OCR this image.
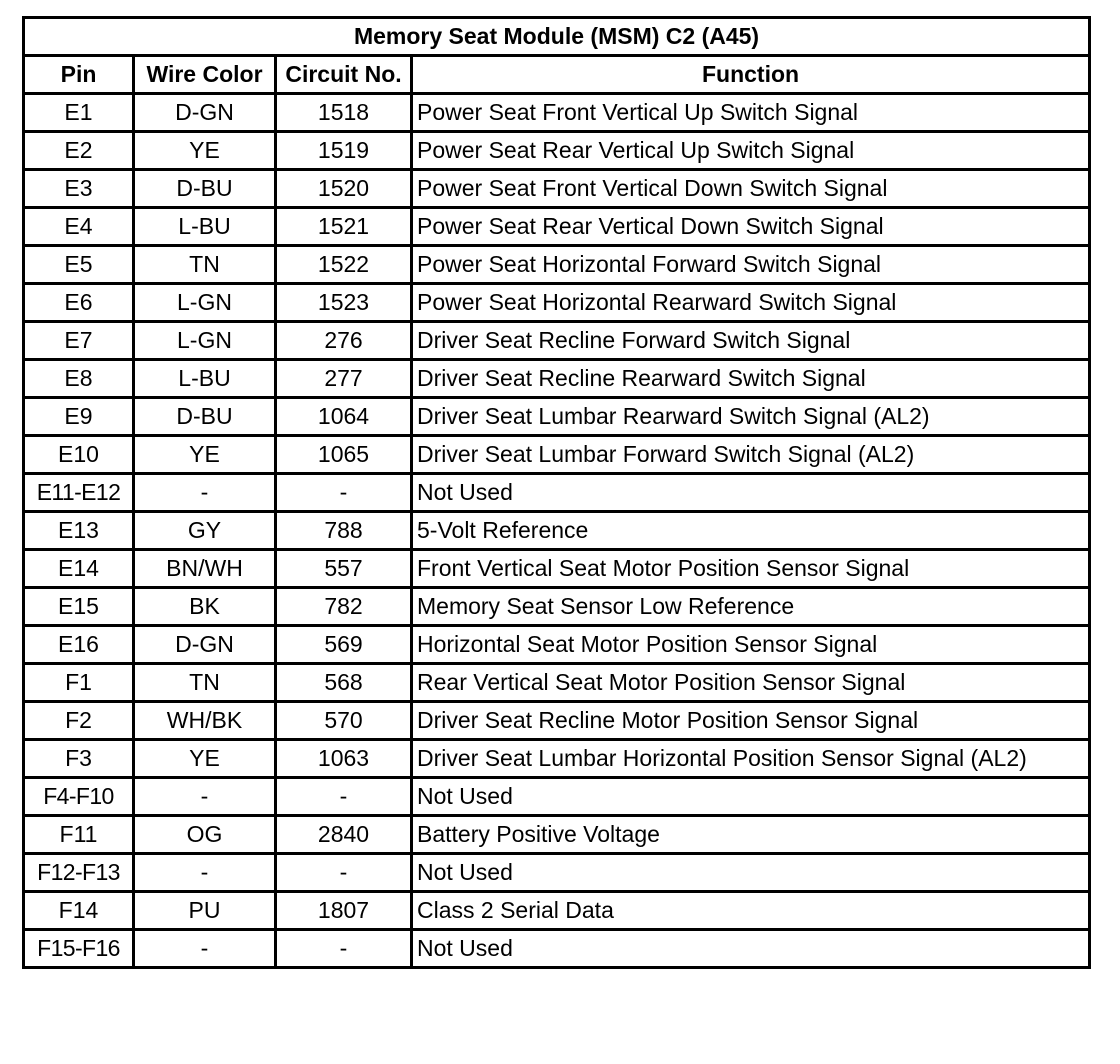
Memory Seat Module (MSM) C2 (A45)			
Pin	Wire Color	Circuit No.	Function
E1	D-GN	1518	Power Seat Front Vertical Up Switch Signal
E2	YE	1519	Power Seat Rear Vertical Up Switch Signal
E3	D-BU	1520	Power Seat Front Vertical Down Switch Signal
E4	L-BU	1521	Power Seat Rear Vertical Down Switch Signal
E5	TN	1522	Power Seat Horizontal Forward Switch Signal
E6	L-GN	1523	Power Seat Horizontal Rearward Switch Signal
E7	L-GN	276	Driver Seat Recline Forward Switch Signal
E8	L-BU	277	Driver Seat Recline Rearward Switch Signal
E9	D-BU	1064	Driver Seat Lumbar Rearward Switch Signal (AL2)
E10	YE	1065	Driver Seat Lumbar Forward Switch Signal (AL2)
E11-E12	-	-	Not Used
E13	GY	788	5-Volt Reference
E14	BN/WH	557	Front Vertical Seat Motor Position Sensor Signal
E15	BK	782	Memory Seat Sensor Low Reference
E16	D-GN	569	Horizontal Seat Motor Position Sensor Signal
F1	TN	568	Rear Vertical Seat Motor Position Sensor Signal
F2	WH/BK	570	Driver Seat Recline Motor Position Sensor Signal
F3	YE	1063	Driver Seat Lumbar Horizontal Position Sensor Signal (AL2)
F4-F10	-	-	Not Used
F11	OG	2840	Battery Positive Voltage
F12-F13	-	-	Not Used
F14	PU	1807	Class 2 Serial Data
F15-F16	-	-	Not Used
